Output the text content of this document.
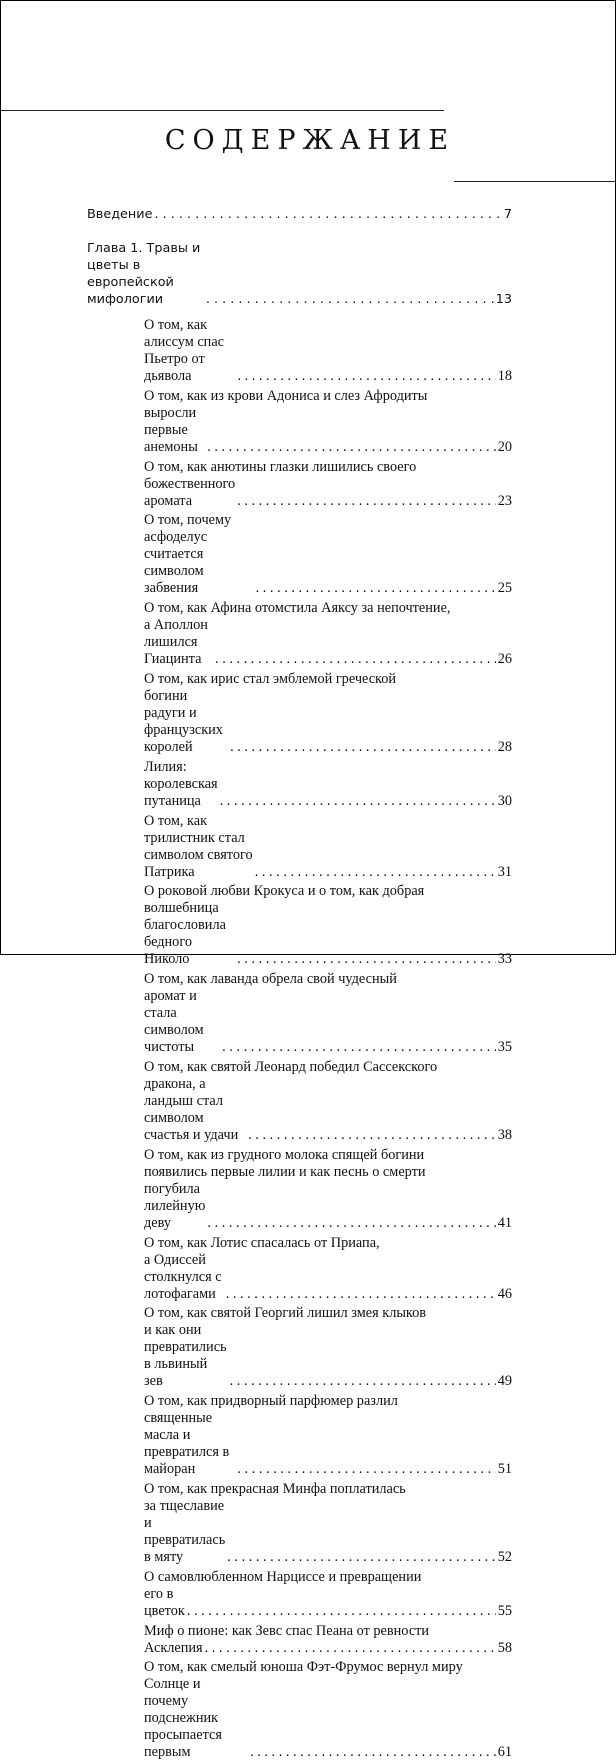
СОДЕРЖАНИЕ
Введение . . .	7
Глава 1. Травы и цветы в европейской мифологии . . .	13
О том, как алиссум спас Пьетро от дьявола . . .	18
О том, как из крови Адониса и слез Афродиты
выросли первые анемоны . . .	20
О том, как анютины глазки лишились своего
божественного аромата . . .	23
О том, почему асфоделус считается символом забвения . . .	25
О том, как Афина отомстила Аяксу за непочтение,
а Аполлон лишился Гиацинта . . .	26
О том, как ирис стал эмблемой греческой
богини радуги и французских королей . . .	28
Лилия: королевская путаница . . .	30
О том, как трилистник стал символом святого Патрика . . .	31
О роковой любви Крокуса и о том, как добрая
волшебница благословила бедного Николо . . .	33
О том, как лаванда обрела свой чудесный
аромат и стала символом чистоты . . .	35
О том, как святой Леонард победил Сассекского
дракона, а ландыш стал символом счастья и удачи . . .	38
О том, как из грудного молока спящей богини
появились первые лилии и как песнь о смерти
погубила лилейную деву . . .	41
О том, как Лотис спасалась от Приапа,
а Одиссей столкнулся с лотофагами . . .	46
О том, как святой Георгий лишил змея клыков
и как они превратились в львиный зев . . .	49
О том, как придворный парфюмер разлил
священные масла и превратился в майоран . . .	51
О том, как прекрасная Минфа поплатилась
за тщеславие и превратилась в мяту . . .	52
О самовлюбленном Нарциссе и превращении
его в цветок . . .	55
Миф о пионе: как Зевс спас Пеана от ревности
Асклепия . . .	58
О том, как смелый юноша Фэт-Фрумос вернул миру
Солнце и почему подснежник просыпается первым . . .	61
